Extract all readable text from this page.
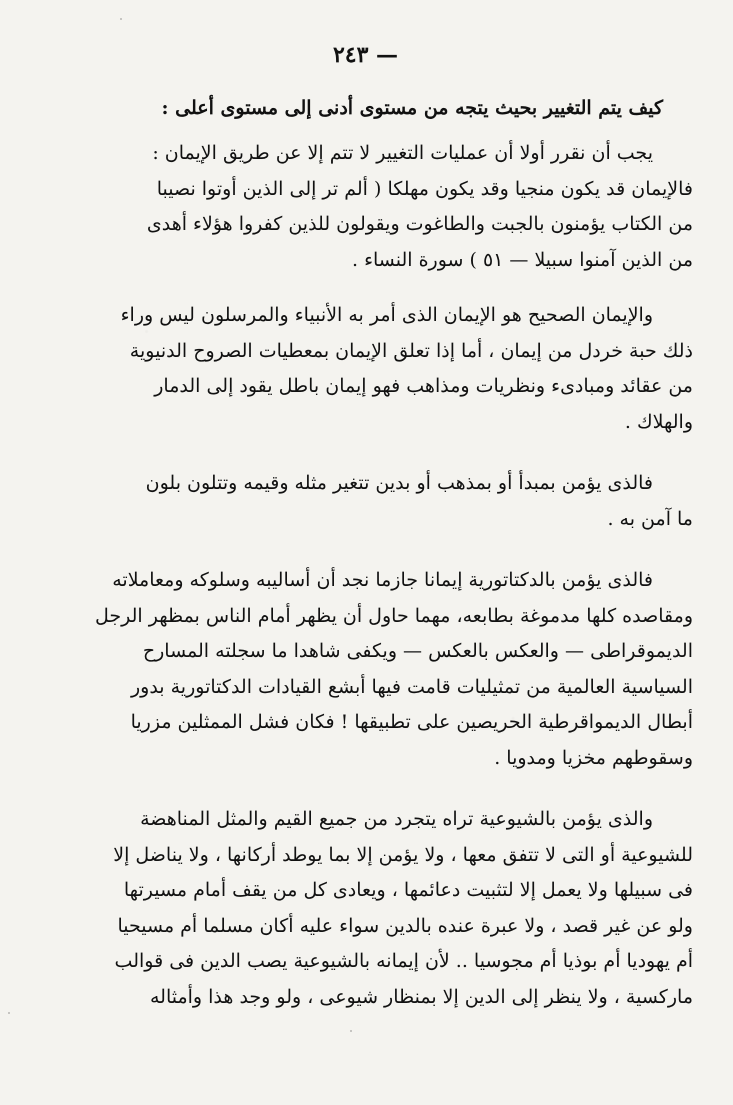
— ٢٤٣
كيف يتم التغيير بحيث يتجه من مستوى أدنى إلى مستوى أعلى :
يجب أن نقرر أولا أن عمليات التغيير لا تتم إلا عن طريق الإيمان :
فالإيمان قد يكون منجيا وقد يكون مهلكا ( ألم تر إلى الذين أوتوا نصيبا
من الكتاب يؤمنون بالجبت والطاغوت ويقولون للذين كفروا هؤلاء أهدى
من الذين آمنوا سبيلا — ٥١ ) سورة النساء .
والإيمان الصحيح هو الإيمان الذى أمر به الأنبياء والمرسلون ليس وراء
ذلك حبة خردل من إيمان ، أما إذا تعلق الإيمان بمعطيات الصروح الدنيوية
من عقائد ومبادىء ونظريات ومذاهب فهو إيمان باطل يقود إلى الدمار
والهلاك .
فالذى يؤمن بمبدأ أو بمذهب أو بدين تتغير مثله وقيمه وتتلون بلون
ما آمن به .
فالذى يؤمن بالدكتاتورية إيمانا جازما نجد أن أساليبه وسلوكه ومعاملاته
ومقاصده كلها مدموغة بطابعه، مهما حاول أن يظهر أمام الناس بمظهر الرجل
الديموقراطى — والعكس بالعكس — ويكفى شاهدا ما سجلته المسارح
السياسية العالمية من تمثيليات قامت فيها أبشع القيادات الدكتاتورية بدور
أبطال الديمواقرطية الحريصين على تطبيقها ! فكان فشل الممثلين مزريا
وسقوطهم مخزيا ومدويا .
والذى يؤمن بالشيوعية تراه يتجرد من جميع القيم والمثل المناهضة
للشيوعية أو التى لا تتفق معها ، ولا يؤمن إلا بما يوطد أركانها ، ولا يناضل إلا
فى سبيلها ولا يعمل إلا لتثبيت دعائمها ، ويعادى كل من يقف أمام مسيرتها
ولو عن غير قصد ، ولا عبرة عنده بالدين سواء عليه أكان مسلما أم مسيحيا
أم يهوديا أم بوذيا أم مجوسيا .. لأن إيمانه بالشيوعية يصب الدين فى قوالب
ماركسية ، ولا ينظر إلى الدين إلا بمنظار شيوعى ، ولو وجد هذا وأمثاله
